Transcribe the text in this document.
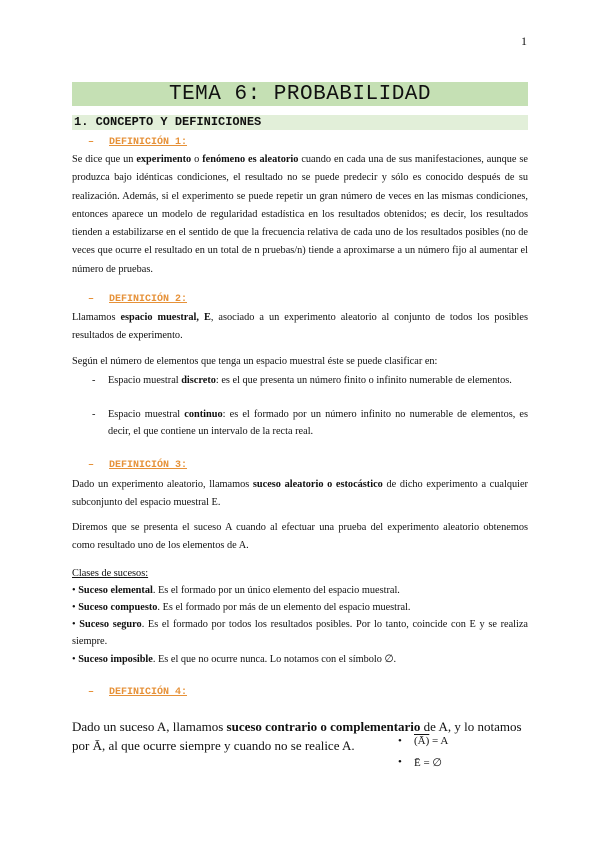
1
TEMA 6: PROBABILIDAD
1. CONCEPTO Y DEFINICIONES
– DEFINICIÓN 1:

Se dice que un experimento o fenómeno es aleatorio cuando en cada una de sus manifestaciones, aunque se produzca bajo idénticas condiciones, el resultado no se puede predecir y sólo es conocido después de su realización. Además, si el experimento se puede repetir un gran número de veces en las mismas condiciones, entonces aparece un modelo de regularidad estadística en los resultados obtenidos; es decir, los resultados tienden a estabilizarse en el sentido de que la frecuencia relativa de cada uno de los resultados posibles (no de veces que ocurre el resultado en un total de n pruebas/n) tiende a aproximarse a un número fijo al aumentar el número de pruebas.

– DEFINICIÓN 2:

Llamamos espacio muestral, E, asociado a un experimento aleatorio al conjunto de todos los posibles resultados de experimento.

Según el número de elementos que tenga un espacio muestral éste se puede clasificar en:

- Espacio muestral discreto: es el que presenta un número finito o infinito numerable de elementos.
- Espacio muestral continuo: es el formado por un número infinito no numerable de elementos, es decir, el que contiene un intervalo de la recta real.
– DEFINICIÓN 3:

Dado un experimento aleatorio, llamamos suceso aleatorio o estocástico de dicho experimento a cualquier subconjunto del espacio muestral E.

Diremos que se presenta el suceso A cuando al efectuar una prueba del experimento aleatorio obtenemos como resultado uno de los elementos de A.

Clases de sucesos:
• Suceso elemental. Es el formado por un único elemento del espacio muestral.
• Suceso compuesto. Es el formado por más de un elemento del espacio muestral.
• Suceso seguro. Es el formado por todos los resultados posibles. Por lo tanto, coincide con E y se realiza siempre.
• Suceso imposible. Es el que no ocurre nunca. Lo notamos con el símbolo ∅.
– DEFINICIÓN 4:

Dado un suceso A, llamamos suceso contrario o complementario de A, y lo notamos por Ā, al que ocurre siempre y cuando no se realice A.	• (Ā) = A
• Ē = ∅
